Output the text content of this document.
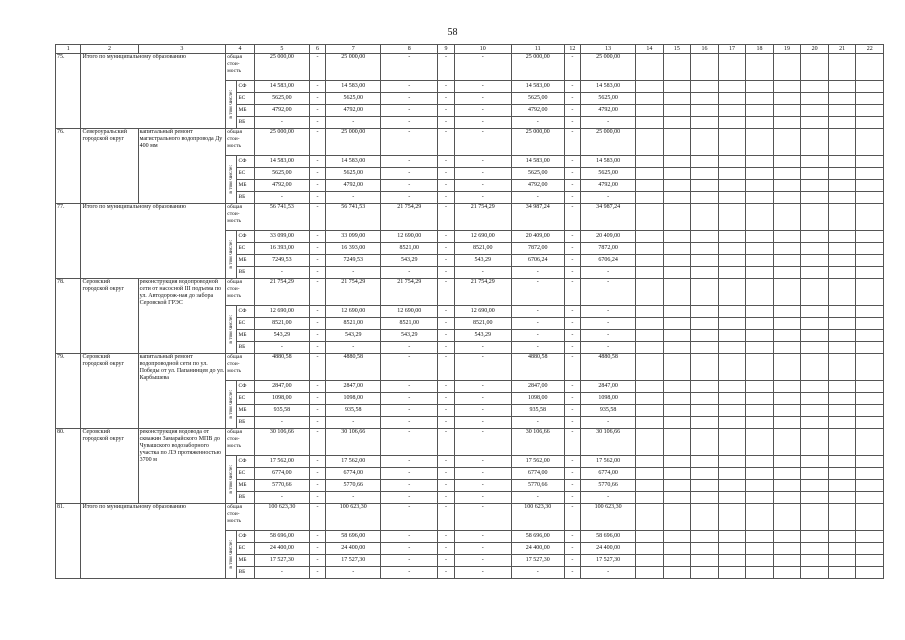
58
1	2	3	4		5	6	7	8	9	10	11	12	13	14	15	16	17	18	19	20	21	22
75.	Итого по муниципальному образованию		общая стои-мость		25 000,00	-	25 000,00	-	-	-	25 000,00	-	25 000,00									

			в том числе:	СФ	14 583,00	-	14 583,00	-	-	-	14 583,00	-	14 583,00									
				БС	5625,00	-	5625,00	-	-	-	5625,00	-	5625,00									
				МБ	4792,00	-	4792,00	-	-	-	4792,00	-	4792,00									
				ВБ	-	-	-	-	-	-	-	-	-									
76.	Североуральский городской округ	капитальный ремонт магистрального водопровода Ду 400 мм	общая стои-мость		25 000,00	-	25 000,00	-	-	-	25 000,00	-	25 000,00									

			в том числе:	СФ	14 583,00	-	14 583,00	-	-	-	14 583,00	-	14 583,00									
				БС	5625,00	-	5625,00	-	-	-	5625,00	-	5625,00									
				МБ	4792,00	-	4792,00	-	-	-	4792,00	-	4792,00									
				ВБ	-	-	-	-	-	-	-	-	-									
77.	Итого по муниципальному образованию		общая стои-мость		56 741,53	-	56 741,53	21 754,29	-	21 754,29	34 987,24	-	34 987,24									

			в том числе:	СФ	33 099,00	-	33 099,00	12 690,00	-	12 690,00	20 409,00	-	20 409,00									
				БС	16 393,00	-	16 393,00	8521,00	-	8521,00	7872,00	-	7872,00									
				МБ	7249,53	-	7249,53	543,29	-	543,29	6706,24	-	6706,24									
				ВБ	-	-	-	-	-	-	-	-	-									
78.	Серовский городской округ	реконструкция водопроводной сети от насосной III подъема по ул. Автодорож-ная до забора Серовской ГРЭС	общая стои-мость		21 754,29	-	21 754,29	21 754,29	-	21 754,29	-	-	-									

			в том числе:	СФ	12 690,00	-	12 690,00	12 690,00	-	12 690,00	-	-	-									
				БС	8521,00	-	8521,00	8521,00	-	8521,00	-	-	-									
				МБ	543,29	-	543,29	543,29	-	543,29	-	-	-									
				ВБ	-	-	-	-	-	-	-	-	-									
79.	Серовский городской округ	капитальный ремонт водопроводной сети по ул. Победы от ул. Папанинцев до ул. Карбышева	общая стои-мость		4880,58	-	4880,58	-	-	-	4880,58	-	4880,58									

			в том числе:	СФ	2847,00	-	2847,00	-	-	-	2847,00	-	2847,00									
				БС	1098,00	-	1098,00	-	-	-	1098,00	-	1098,00									
				МБ	935,58	-	935,58	-	-	-	935,58	-	935,58									
				ВБ	-	-	-	-	-	-	-	-	-									
80.	Серовский городской округ	реконструкция водовода от скважин Замарайского МПВ до Чувашского водозаборного участка по ЛЭ протяженностью 3700 м	общая стои-мость		30 106,66	-	30 106,66	-	-	-	30 106,66	-	30 106,66									

			в том числе:	СФ	17 562,00	-	17 562,00	-	-	-	17 562,00	-	17 562,00									
				БС	6774,00	-	6774,00	-	-	-	6774,00	-	6774,00									
				МБ	5770,66	-	5770,66	-	-	-	5770,66	-	5770,66									
				ВБ	-	-	-	-	-	-	-	-	-									
81.	Итого по муниципальному образованию		общая стои-мость		100 623,30	-	100 623,30	-	-	-	100 623,30	-	100 623,30									

			в том числе:	СФ	58 696,00	-	58 696,00	-	-	-	58 696,00	-	58 696,00									
				БС	24 400,00	-	24 400,00	-	-	-	24 400,00	-	24 400,00									
				МБ	17 527,30	-	17 527,30	-	-	-	17 527,30	-	17 527,30									
				ВБ	-	-	-	-	-	-	-	-	-									
